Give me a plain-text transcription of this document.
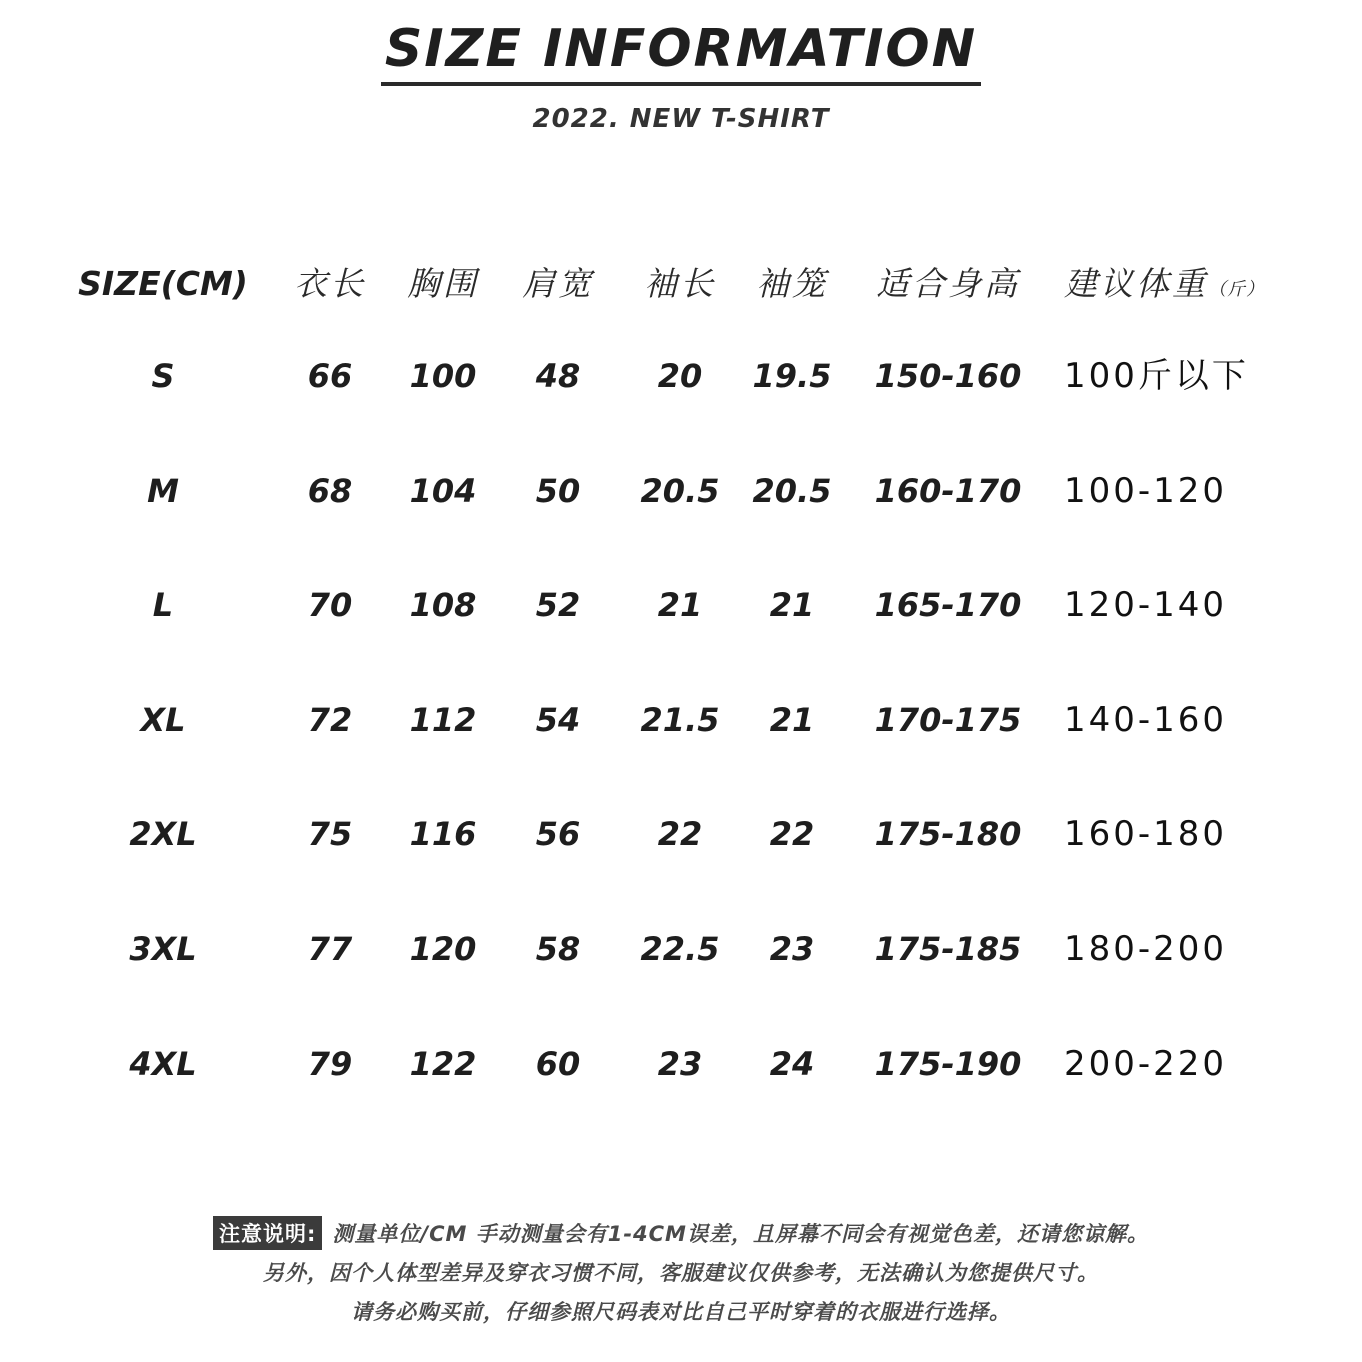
SIZE INFORMATION
2022. NEW T-SHIRT
SIZE(CM) 衣长 胸围 肩宽 袖长 袖笼 适合身高 建议体重（斤）
S	66 100 48 20 19.5 150-160 100斤以下
M	68 104 50 20.5 20.5 160-170 100-120
L	70 108 52 21 21 165-170 120-140
XL	72 112 54 21.5 21 170-175 140-160
2XL	75 116 56 22 22 175-180 160-180
3XL	77 120 58 22.5 23 175-185 180-200
4XL	79 122 60 23 24 175-190 200-220
注意说明: 测量单位/CM 手动测量会有1-4CM误差，且屏幕不同会有视觉色差，还请您谅解。
另外，因个人体型差异及穿衣习惯不同，客服建议仅供参考，无法确认为您提供尺寸。
请务必购买前，仔细参照尺码表对比自己平时穿着的衣服进行选择。
